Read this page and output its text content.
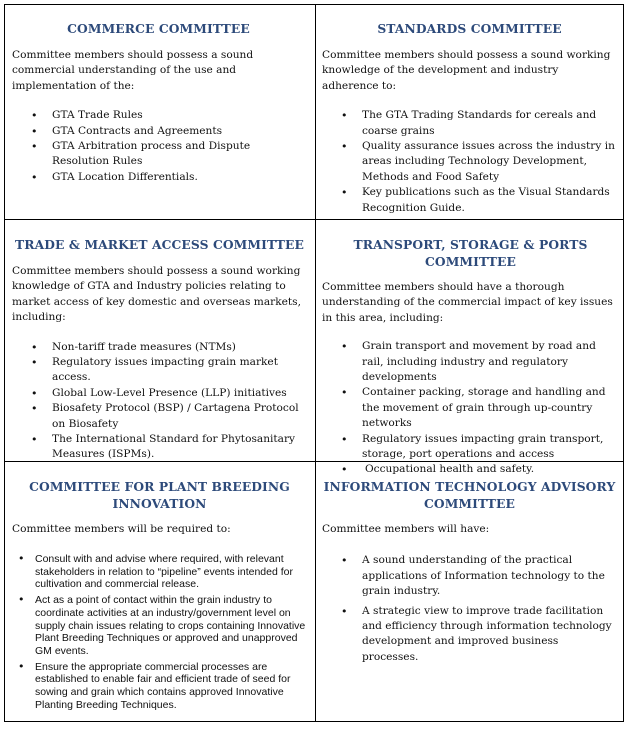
COMMERCE COMMITTEE
Committee members should possess a sound commercial understanding of the use and implementation of the:
• GTA Trade Rules
• GTA Contracts and Agreements
• GTA Arbitration process and Dispute Resolution Rules
• GTA Location Differentials.
STANDARDS COMMITTEE
Committee members should possess a sound working knowledge of the development and industry adherence to:
• The GTA Trading Standards for cereals and coarse grains
• Quality assurance issues across the industry in areas including Technology Development, Methods and Food Safety
• Key publications such as the Visual Standards Recognition Guide.
TRADE & MARKET ACCESS COMMITTEE
Committee members should possess a sound working knowledge of GTA and Industry policies relating to market access of key domestic and overseas markets, including:
• Non-tariff trade measures (NTMs)
• Regulatory issues impacting grain market access.
• Global Low-Level Presence (LLP) initiatives
• Biosafety Protocol (BSP) / Cartagena Protocol on Biosafety
• The International Standard for Phytosanitary Measures (ISPMs).
TRANSPORT, STORAGE & PORTS COMMITTEE
Committee members should have a thorough understanding of the commercial impact of key issues in this area, including:
• Grain transport and movement by road and rail, including industry and regulatory developments
• Container packing, storage and handling and the movement of grain through up-country networks
• Regulatory issues impacting grain transport, storage, port operations and access
• Occupational health and safety.
COMMITTEE FOR PLANT BREEDING INNOVATION
Committee members will be required to:
• Consult with and advise where required, with relevant stakeholders in relation to “pipeline” events intended for cultivation and commercial release.
• Act as a point of contact within the grain industry to coordinate activities at an industry/government level on supply chain issues relating to crops containing Innovative Plant Breeding Techniques or approved and unapproved GM events.
• Ensure the appropriate commercial processes are established to enable fair and efficient trade of seed for sowing and grain which contains approved Innovative Planting Breeding Techniques.
INFORMATION TECHNOLOGY ADVISORY COMMITTEE
Committee members will have:
• A sound understanding of the practical applications of Information technology to the grain industry.
• A strategic view to improve trade facilitation and efficiency through information technology development and improved business processes.
